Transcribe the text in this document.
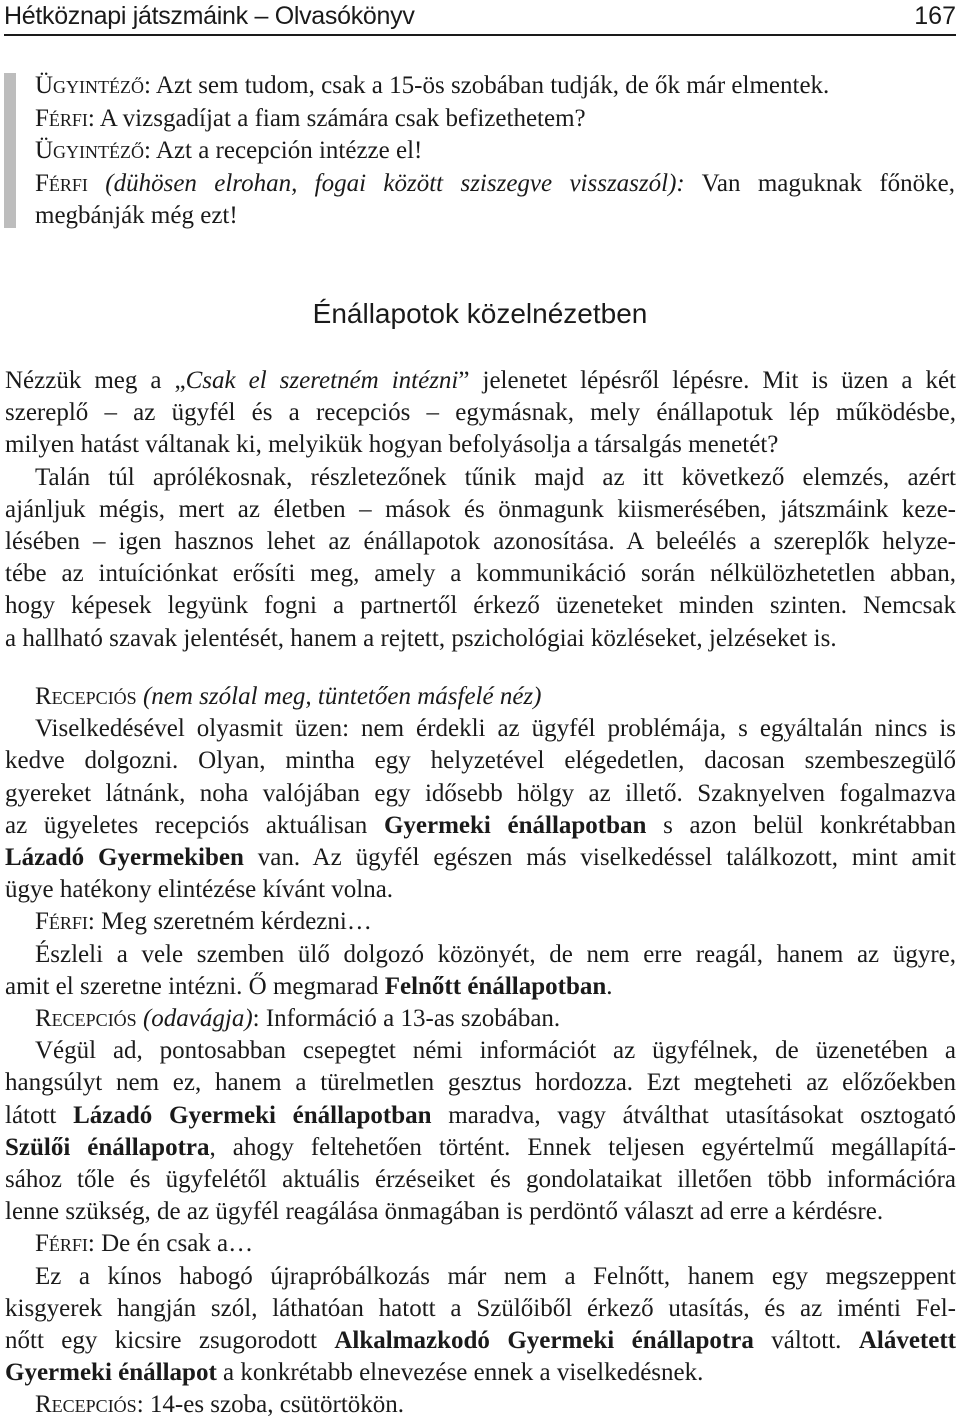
Hétköznapi játszmáink – Olvasókönyv	167
Ügyintéző: Azt sem tudom, csak a 15-ös szobában tudják, de ők már elmentek.
Férfi: A vizsgadíjat a fiam számára csak befizethetem?
Ügyintéző: Azt a recepción intézze el!
Férfi (dühösen elrohan, fogai között sziszegve visszaszól): Van maguknak főnöke,
megbánják még ezt!
Énállapotok közelnézetben
Nézzük meg a „Csak el szeretném intézni” jelenetet lépésről lépésre. Mit is üzen a két
szereplő – az ügyfél és a recepciós – egymásnak, mely énállapotuk lép működésbe,
milyen hatást váltanak ki, melyikük hogyan befolyásolja a társalgás menetét?
Talán túl aprólékosnak, részletezőnek tűnik majd az itt következő elemzés, azért
ajánljuk mégis, mert az életben – mások és önmagunk kiismerésében, játszmáink keze-
lésében – igen hasznos lehet az énállapotok azonosítása. A beleélés a szereplők helyze-
tébe az intuíciónkat erősíti meg, amely a kommunikáció során nélkülözhetetlen abban,
hogy képesek legyünk fogni a partnertől érkező üzeneteket minden szinten. Nemcsak
a hallható szavak jelentését, hanem a rejtett, pszichológiai közléseket, jelzéseket is.
Recepciós (nem szólal meg, tüntetően másfelé néz)
Viselkedésével olyasmit üzen: nem érdekli az ügyfél problémája, s egyáltalán nincs is
kedve dolgozni. Olyan, mintha egy helyzetével elégedetlen, dacosan szembeszegülő
gyereket látnánk, noha valójában egy idősebb hölgy az illető. Szaknyelven fogalmazva
az ügyeletes recepciós aktuálisan Gyermeki énállapotban s azon belül konkrétabban
Lázadó Gyermekiben van. Az ügyfél egészen más viselkedéssel találkozott, mint amit
ügye hatékony elintézése kívánt volna.
Férfi: Meg szeretném kérdezni…
Észleli a vele szemben ülő dolgozó közönyét, de nem erre reagál, hanem az ügyre,
amit el szeretne intézni. Ő megmarad Felnőtt énállapotban.
Recepciós (odavágja): Információ a 13-as szobában.
Végül ad, pontosabban csepegtet némi információt az ügyfélnek, de üzenetében a
hangsúlyt nem ez, hanem a türelmetlen gesztus hordozza. Ezt megteheti az előzőekben
látott Lázadó Gyermeki énállapotban maradva, vagy átválthat utasításokat osztogató
Szülői énállapotra, ahogy feltehetően történt. Ennek teljesen egyértelmű megállapítá-
sához tőle és ügyfelétől aktuális érzéseiket és gondolataikat illetően több információra
lenne szükség, de az ügyfél reagálása önmagában is perdöntő választ ad erre a kérdésre.
Férfi: De én csak a…
Ez a kínos habogó újrapróbálkozás már nem a Felnőtt, hanem egy megszeppent
kisgyerek hangján szól, láthatóan hatott a Szülőiből érkező utasítás, és az iménti Fel-
nőtt egy kicsire zsugorodott Alkalmazkodó Gyermeki énállapotra váltott. Alávetett
Gyermeki énállapot a konkrétabb elnevezése ennek a viselkedésnek.
Recepciós: 14-es szoba, csütörtökön.
